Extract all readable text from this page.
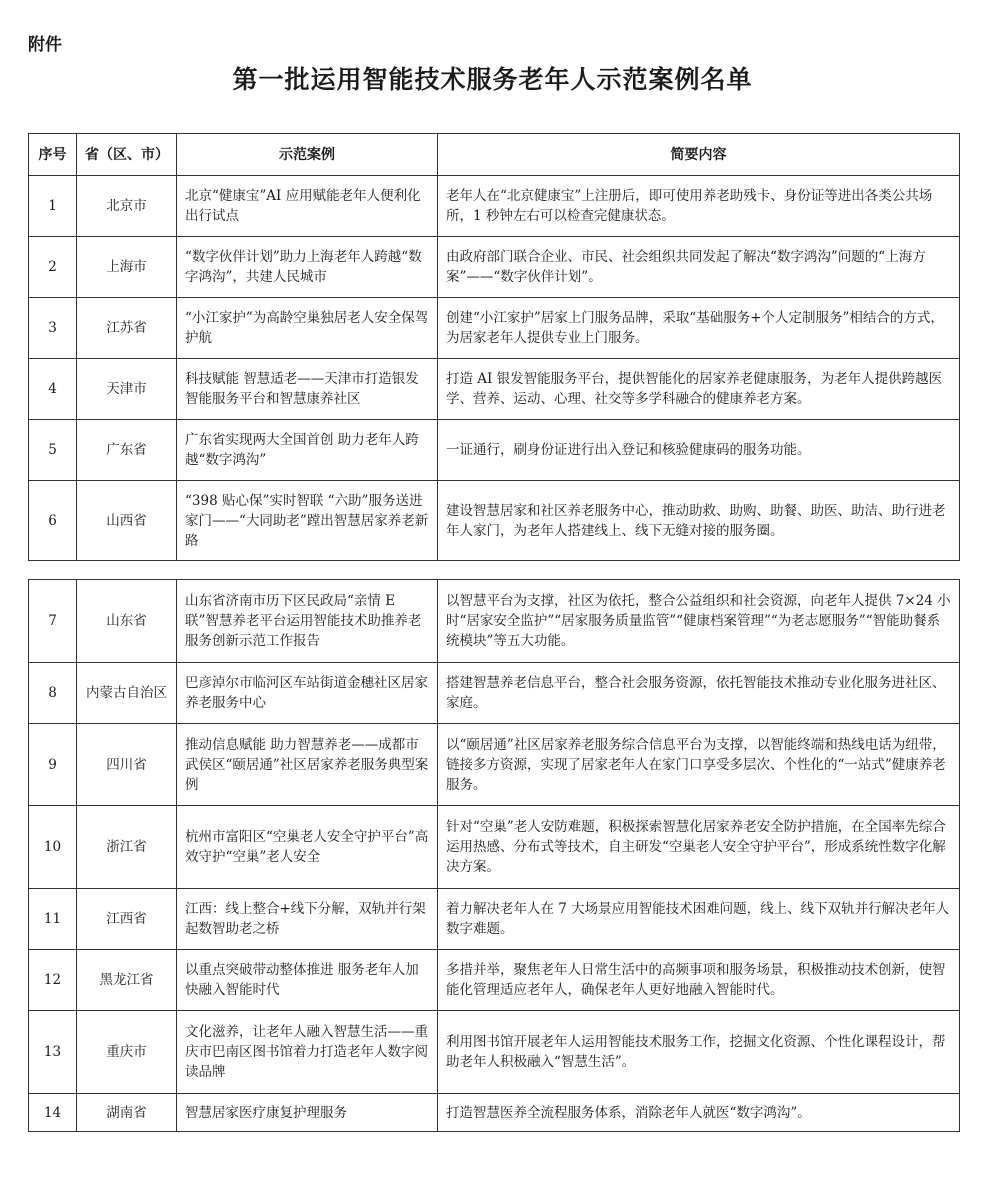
附件
第一批运用智能技术服务老年人示范案例名单
序号	省（区、市）	示范案例	简要内容
1	北京市	北京“健康宝”AI 应用赋能老年人便利化出行试点	老年人在“北京健康宝”上注册后，即可使用养老助残卡、身份证等进出各类公共场所，1 秒钟左右可以检查完健康状态。
2	上海市	“数字伙伴计划”助力上海老年人跨越“数字鸿沟”，共建人民城市	由政府部门联合企业、市民、社会组织共同发起了解决“数字鸿沟”问题的“上海方案”——“数字伙伴计划”。
3	江苏省	“小江家护”为高龄空巢独居老人安全保驾护航	创建“小江家护”居家上门服务品牌，采取“基础服务+个人定制服务”相结合的方式，为居家老年人提供专业上门服务。
4	天津市	科技赋能 智慧适老——天津市打造银发智能服务平台和智慧康养社区	打造 AI 银发智能服务平台，提供智能化的居家养老健康服务，为老年人提供跨越医学、营养、运动、心理、社交等多学科融合的健康养老方案。
5	广东省	广东省实现两大全国首创 助力老年人跨越“数字鸿沟”	一证通行，刷身份证进行出入登记和核验健康码的服务功能。
6	山西省	“398 贴心保”实时智联 “六助”服务送进家门——“大同助老”蹚出智慧居家养老新路	建设智慧居家和社区养老服务中心，推动助救、助购、助餐、助医、助洁、助行进老年人家门，为老年人搭建线上、线下无缝对接的服务圈。
7	山东省	山东省济南市历下区民政局“亲情 E 联”智慧养老平台运用智能技术助推养老服务创新示范工作报告	以智慧平台为支撑，社区为依托，整合公益组织和社会资源，向老年人提供 7×24 小时“居家安全监护”“居家服务质量监管”“健康档案管理”“为老志愿服务”“智能助餐系统模块”等五大功能。
8	内蒙古自治区	巴彦淖尔市临河区车站街道金穗社区居家养老服务中心	搭建智慧养老信息平台，整合社会服务资源，依托智能技术推动专业化服务进社区、家庭。
9	四川省	推动信息赋能 助力智慧养老——成都市武侯区“颐居通”社区居家养老服务典型案例	以“颐居通”社区居家养老服务综合信息平台为支撑，以智能终端和热线电话为纽带，链接多方资源，实现了居家老年人在家门口享受多层次、个性化的“一站式”健康养老服务。
10	浙江省	杭州市富阳区“空巢老人安全守护平台”高效守护“空巢”老人安全	针对“空巢”老人安防难题，积极探索智慧化居家养老安全防护措施，在全国率先综合运用热感、分布式等技术，自主研发“空巢老人安全守护平台”，形成系统性数字化解决方案。
11	江西省	江西：线上整合+线下分解，双轨并行架起数智助老之桥	着力解决老年人在 7 大场景应用智能技术困难问题，线上、线下双轨并行解决老年人数字难题。
12	黑龙江省	以重点突破带动整体推进 服务老年人加快融入智能时代	多措并举，聚焦老年人日常生活中的高频事项和服务场景，积极推动技术创新，使智能化管理适应老年人，确保老年人更好地融入智能时代。
13	重庆市	文化滋养，让老年人融入智慧生活——重庆市巴南区图书馆着力打造老年人数字阅读品牌	利用图书馆开展老年人运用智能技术服务工作，挖掘文化资源、个性化课程设计，帮助老年人积极融入“智慧生活”。
14	湖南省	智慧居家医疗康复护理服务	打造智慧医养全流程服务体系，消除老年人就医“数字鸿沟”。
